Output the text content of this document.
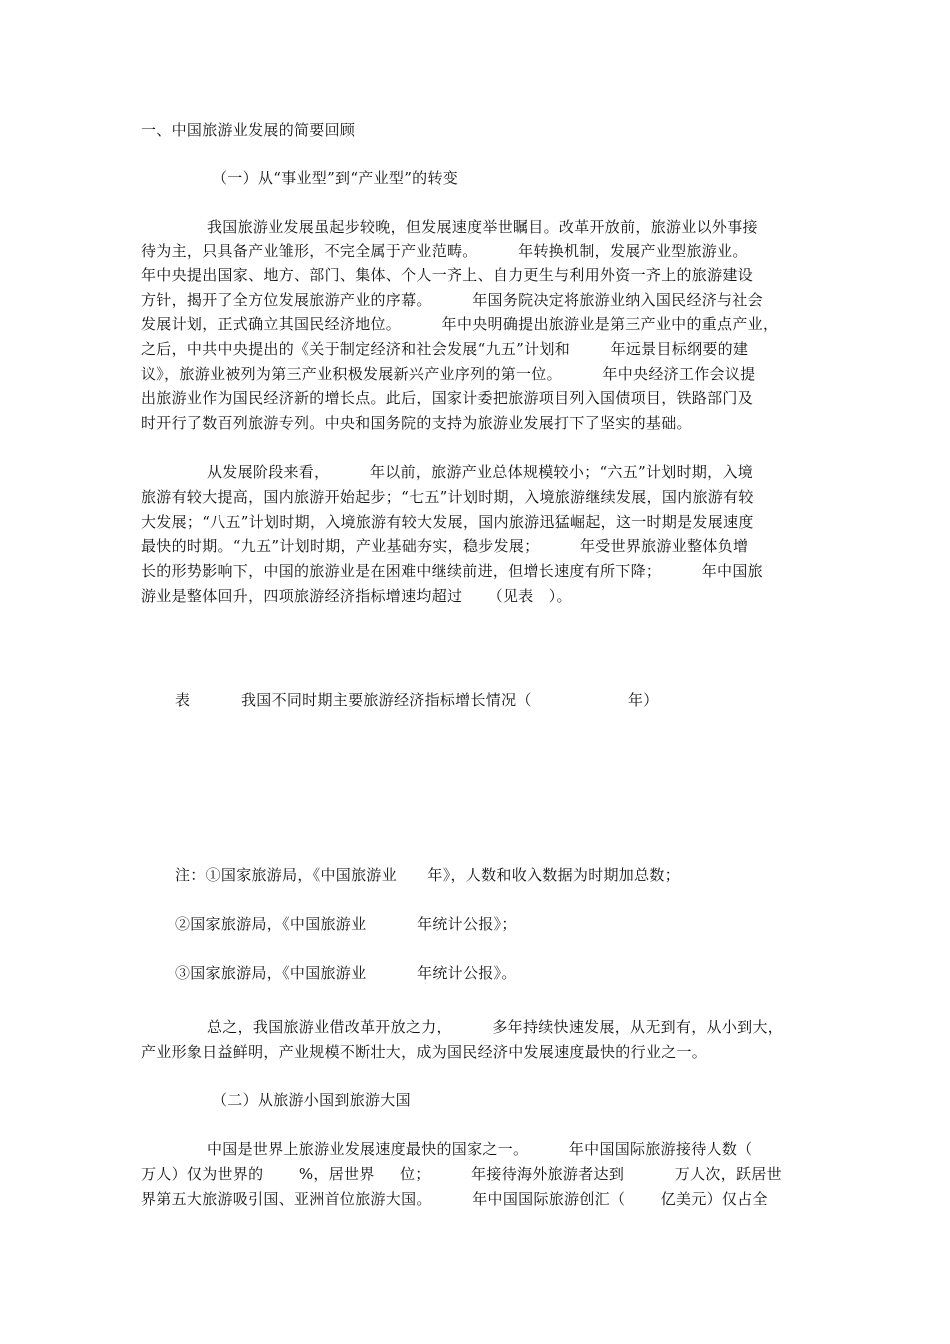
一、中国旅游业发展的简要回顾
（一）从“事业型”到“产业型”的转变
我国旅游业发展虽起步较晚，但发展速度举世瞩目。改革开放前，旅游业以外事接
待为主，只具备产业雏形，不完全属于产业范畴。        年转换机制，发展产业型旅游业。
年中央提出国家、地方、部门、集体、个人一齐上、自力更生与利用外资一齐上的旅游建设
方针，揭开了全方位发展旅游产业的序幕。        年国务院决定将旅游业纳入国民经济与社会
发展计划，正式确立其国民经济地位。        年中央明确提出旅游业是第三产业中的重点产业，
之后，中共中央提出的《关于制定经济和社会发展“九五”计划和        年远景目标纲要的建
议》，旅游业被列为第三产业积极发展新兴产业序列的第一位。        年中央经济工作会议提
出旅游业作为国民经济新的增长点。此后，国家计委把旅游项目列入国债项目，铁路部门及
时开行了数百列旅游专列。中央和国务院的支持为旅游业发展打下了坚实的基础。
从发展阶段来看，        年以前，旅游产业总体规模较小；“六五”计划时期，入境
旅游有较大提高，国内旅游开始起步；“七五”计划时期，入境旅游继续发展，国内旅游有较
大发展；“八五”计划时期，入境旅游有较大发展，国内旅游迅猛崛起，这一时期是发展速度
最快的时期。“九五”计划时期，产业基础夯实，稳步发展；        年受世界旅游业整体负增
长的形势影响下，中国的旅游业是在困难中继续前进，但增长速度有所下降；        年中国旅
游业是整体回升，四项旅游经济指标增速均超过     （见表   ）。
表          我国不同时期主要旅游经济指标增长情况（                   年）
注：①国家旅游局，《中国旅游业      年》，人数和收入数据为时期加总数；
②国家旅游局，《中国旅游业          年统计公报》；
③国家旅游局，《中国旅游业          年统计公报》。
总之，我国旅游业借改革开放之力，        多年持续快速发展，从无到有，从小到大，
产业形象日益鲜明，产业规模不断壮大，成为国民经济中发展速度最快的行业之一。
（二）从旅游小国到旅游大国
中国是世界上旅游业发展速度最快的国家之一。        年中国国际旅游接待人数（
万人）仅为世界的       %，居世界     位；        年接待海外旅游者达到          万人次，跃居世
界第五大旅游吸引国、亚洲首位旅游大国。        年中国国际旅游创汇（       亿美元）仅占全
